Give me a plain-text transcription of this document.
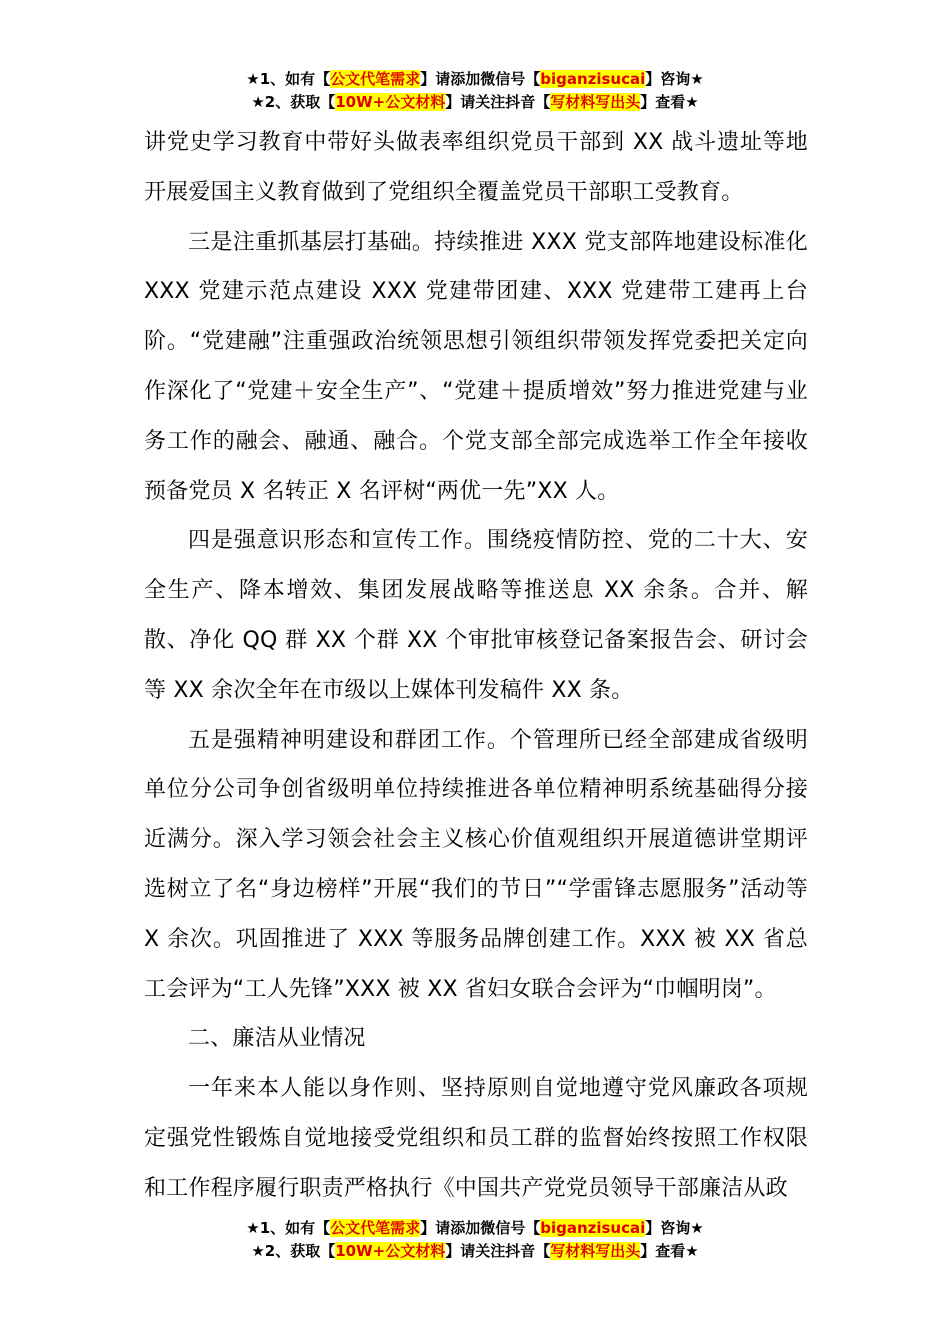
★1、如有【公文代笔需求】请添加微信号【biganzisucai】咨询★
★2、获取【10W+公文材料】请关注抖音【写材料写出头】查看★

讲党史学习教育中带好头做表率组织党员干部到 XX 战斗遗址等地开展爱国主义教育做到了党组织全覆盖党员干部职工受教育。

三是注重抓基层打基础。持续推进 XXX 党支部阵地建设标准化 XXX 党建示范点建设 XXX 党建带团建、XXX 党建带工建再上台阶。“党建融”注重强政治统领思想引领组织带领发挥党委把关定向作深化了“党建＋安全生产”、“党建＋提质增效”努力推进党建与业务工作的融会、融通、融合。个党支部全部完成选举工作全年接收预备党员 X 名转正 X 名评树“两优一先”XX 人。

四是强意识形态和宣传工作。围绕疫情防控、党的二十大、安全生产、降本增效、集团发展战略等推送息 XX 余条。合并、解散、净化 QQ 群 XX 个群 XX 个审批审核登记备案报告会、研讨会等 XX 余次全年在市级以上媒体刊发稿件 XX 条。

五是强精神明建设和群团工作。个管理所已经全部建成省级明单位分公司争创省级明单位持续推进各单位精神明系统基础得分接近满分。深入学习领会社会主义核心价值观组织开展道德讲堂期评选树立了名“身边榜样”开展“我们的节日”“学雷锋志愿服务”活动等 X 余次。巩固推进了 XXX 等服务品牌创建工作。XXX 被 XX 省总工会评为“工人先锋”XXX 被 XX 省妇女联合会评为“巾帼明岗”。

二、廉洁从业情况

一年来本人能以身作则、坚持原则自觉地遵守党风廉政各项规定强党性锻炼自觉地接受党组织和员工群的监督始终按照工作权限和工作程序履行职责严格执行《中国共产党党员领导干部廉洁从政

★1、如有【公文代笔需求】请添加微信号【biganzisucai】咨询★
★2、获取【10W+公文材料】请关注抖音【写材料写出头】查看★
